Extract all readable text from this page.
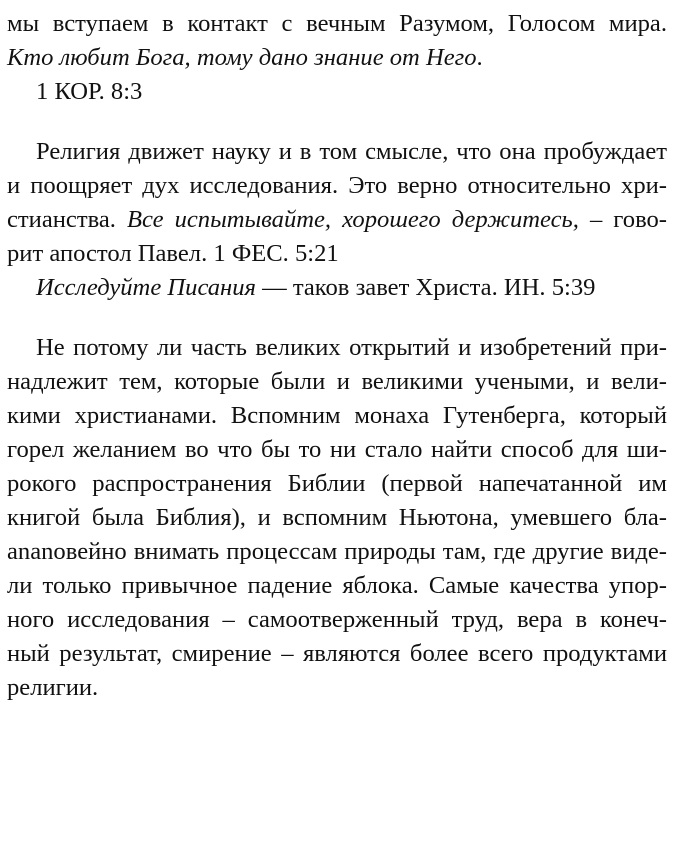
мы вступаем в контакт с вечным Разумом, Голосом мира.
Кто любит Бога, тому дано знание от Него.
1 КОР. 8:3
Религия движет науку и в том смысле, что она пробуждает
и поощряет дух исследования. Это верно относительно хри-
стианства. Все испытывайте, хорошего держитесь, – гово-
рит апостол Павел. 1 ФЕС. 5:21
Исследуйте Писания — таков завет Христа. ИН. 5:39
Не потому ли часть великих открытий и изобретений при-
надлежит тем, которые были и великими учеными, и вели-
кими христианами. Вспомним монаха Гутенберга, который
горел желанием во что бы то ни стало найти способ для ши-
рокого распространения Библии (первой напечатанной им
книгой была Библия), и вспомним Ньютона, умевшего бла-
ananoвейно внимать процессам природы там, где другие виде-
ли только привычное падение яблока. Самые качества упор-
ного исследования – самоотверженный труд, вера в конеч-
ный результат, смирение – являются более всего продуктами
религии.
